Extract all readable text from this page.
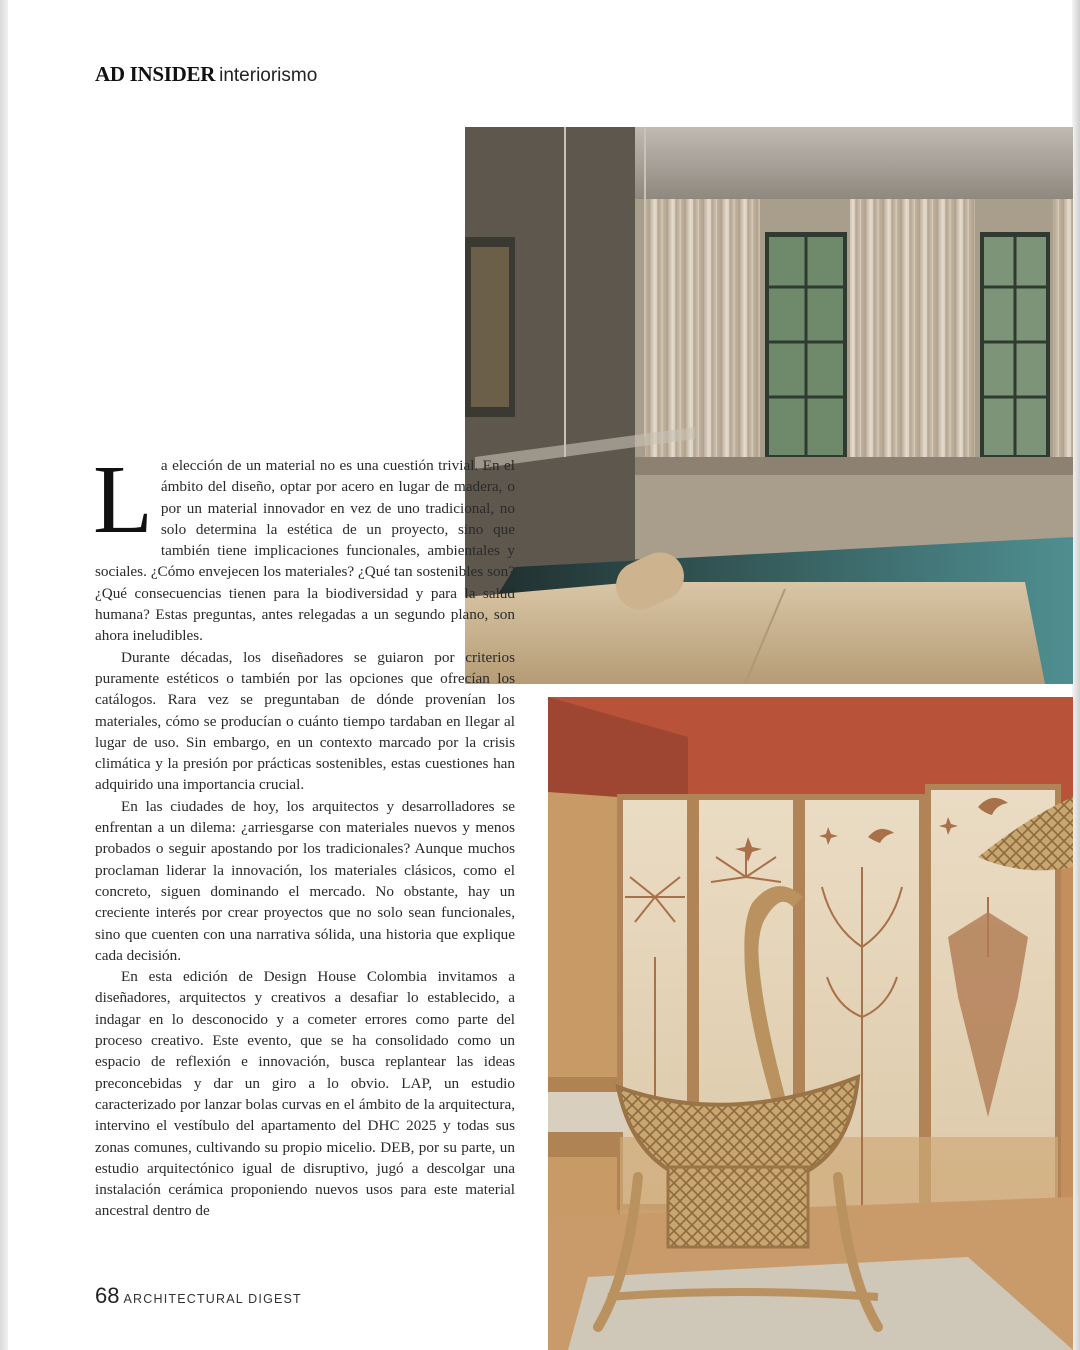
AD INSIDER interiorismo

La elección de un material no es una cuestión trivial. En el ámbito del diseño, optar por acero en lugar de madera, o por un material innovador en vez de uno tradicional, no solo determina la estética de un proyecto, sino que también tiene implicaciones funcionales, ambientales y sociales. ¿Cómo envejecen los materiales? ¿Qué tan sostenibles son? ¿Qué consecuencias tienen para la biodiversidad y para la salud humana? Estas preguntas, antes relegadas a un segundo plano, son ahora ineludibles.

Durante décadas, los diseñadores se guiaron por criterios puramente estéticos o también por las opciones que ofrecían los catálogos. Rara vez se preguntaban de dónde provenían los materiales, cómo se producían o cuánto tiempo tardaban en llegar al lugar de uso. Sin embargo, en un contexto marcado por la crisis climática y la presión por prácticas sostenibles, estas cuestiones han adquirido una importancia crucial.

En las ciudades de hoy, los arquitectos y desarrolladores se enfrentan a un dilema: ¿arriesgarse con materiales nuevos y menos probados o seguir apostando por los tradicionales? Aunque muchos proclaman liderar la innovación, los materiales clásicos, como el concreto, siguen dominando el mercado. No obstante, hay un creciente interés por crear proyectos que no solo sean funcionales, sino que cuenten con una narrativa sólida, una historia que explique cada decisión.

En esta edición de Design House Colombia invitamos a diseñadores, arquitectos y creativos a desafiar lo establecido, a indagar en lo desconocido y a cometer errores como parte del proceso creativo. Este evento, que se ha consolidado como un espacio de reflexión e innovación, busca replantear las ideas preconcebidas y dar un giro a lo obvio. LAP, un estudio caracterizado por lanzar bolas curvas en el ámbito de la arquitectura, intervino el vestíbulo del apartamento del DHC 2025 y todas sus zonas comunes, cultivando su propio micelio. DEB, por su parte, un estudio arquitectónico igual de disruptivo, jugó a descolgar una instalación cerámica proponiendo nuevos usos para este material ancestral dentro de

68 ARCHITECTURAL DIGEST
